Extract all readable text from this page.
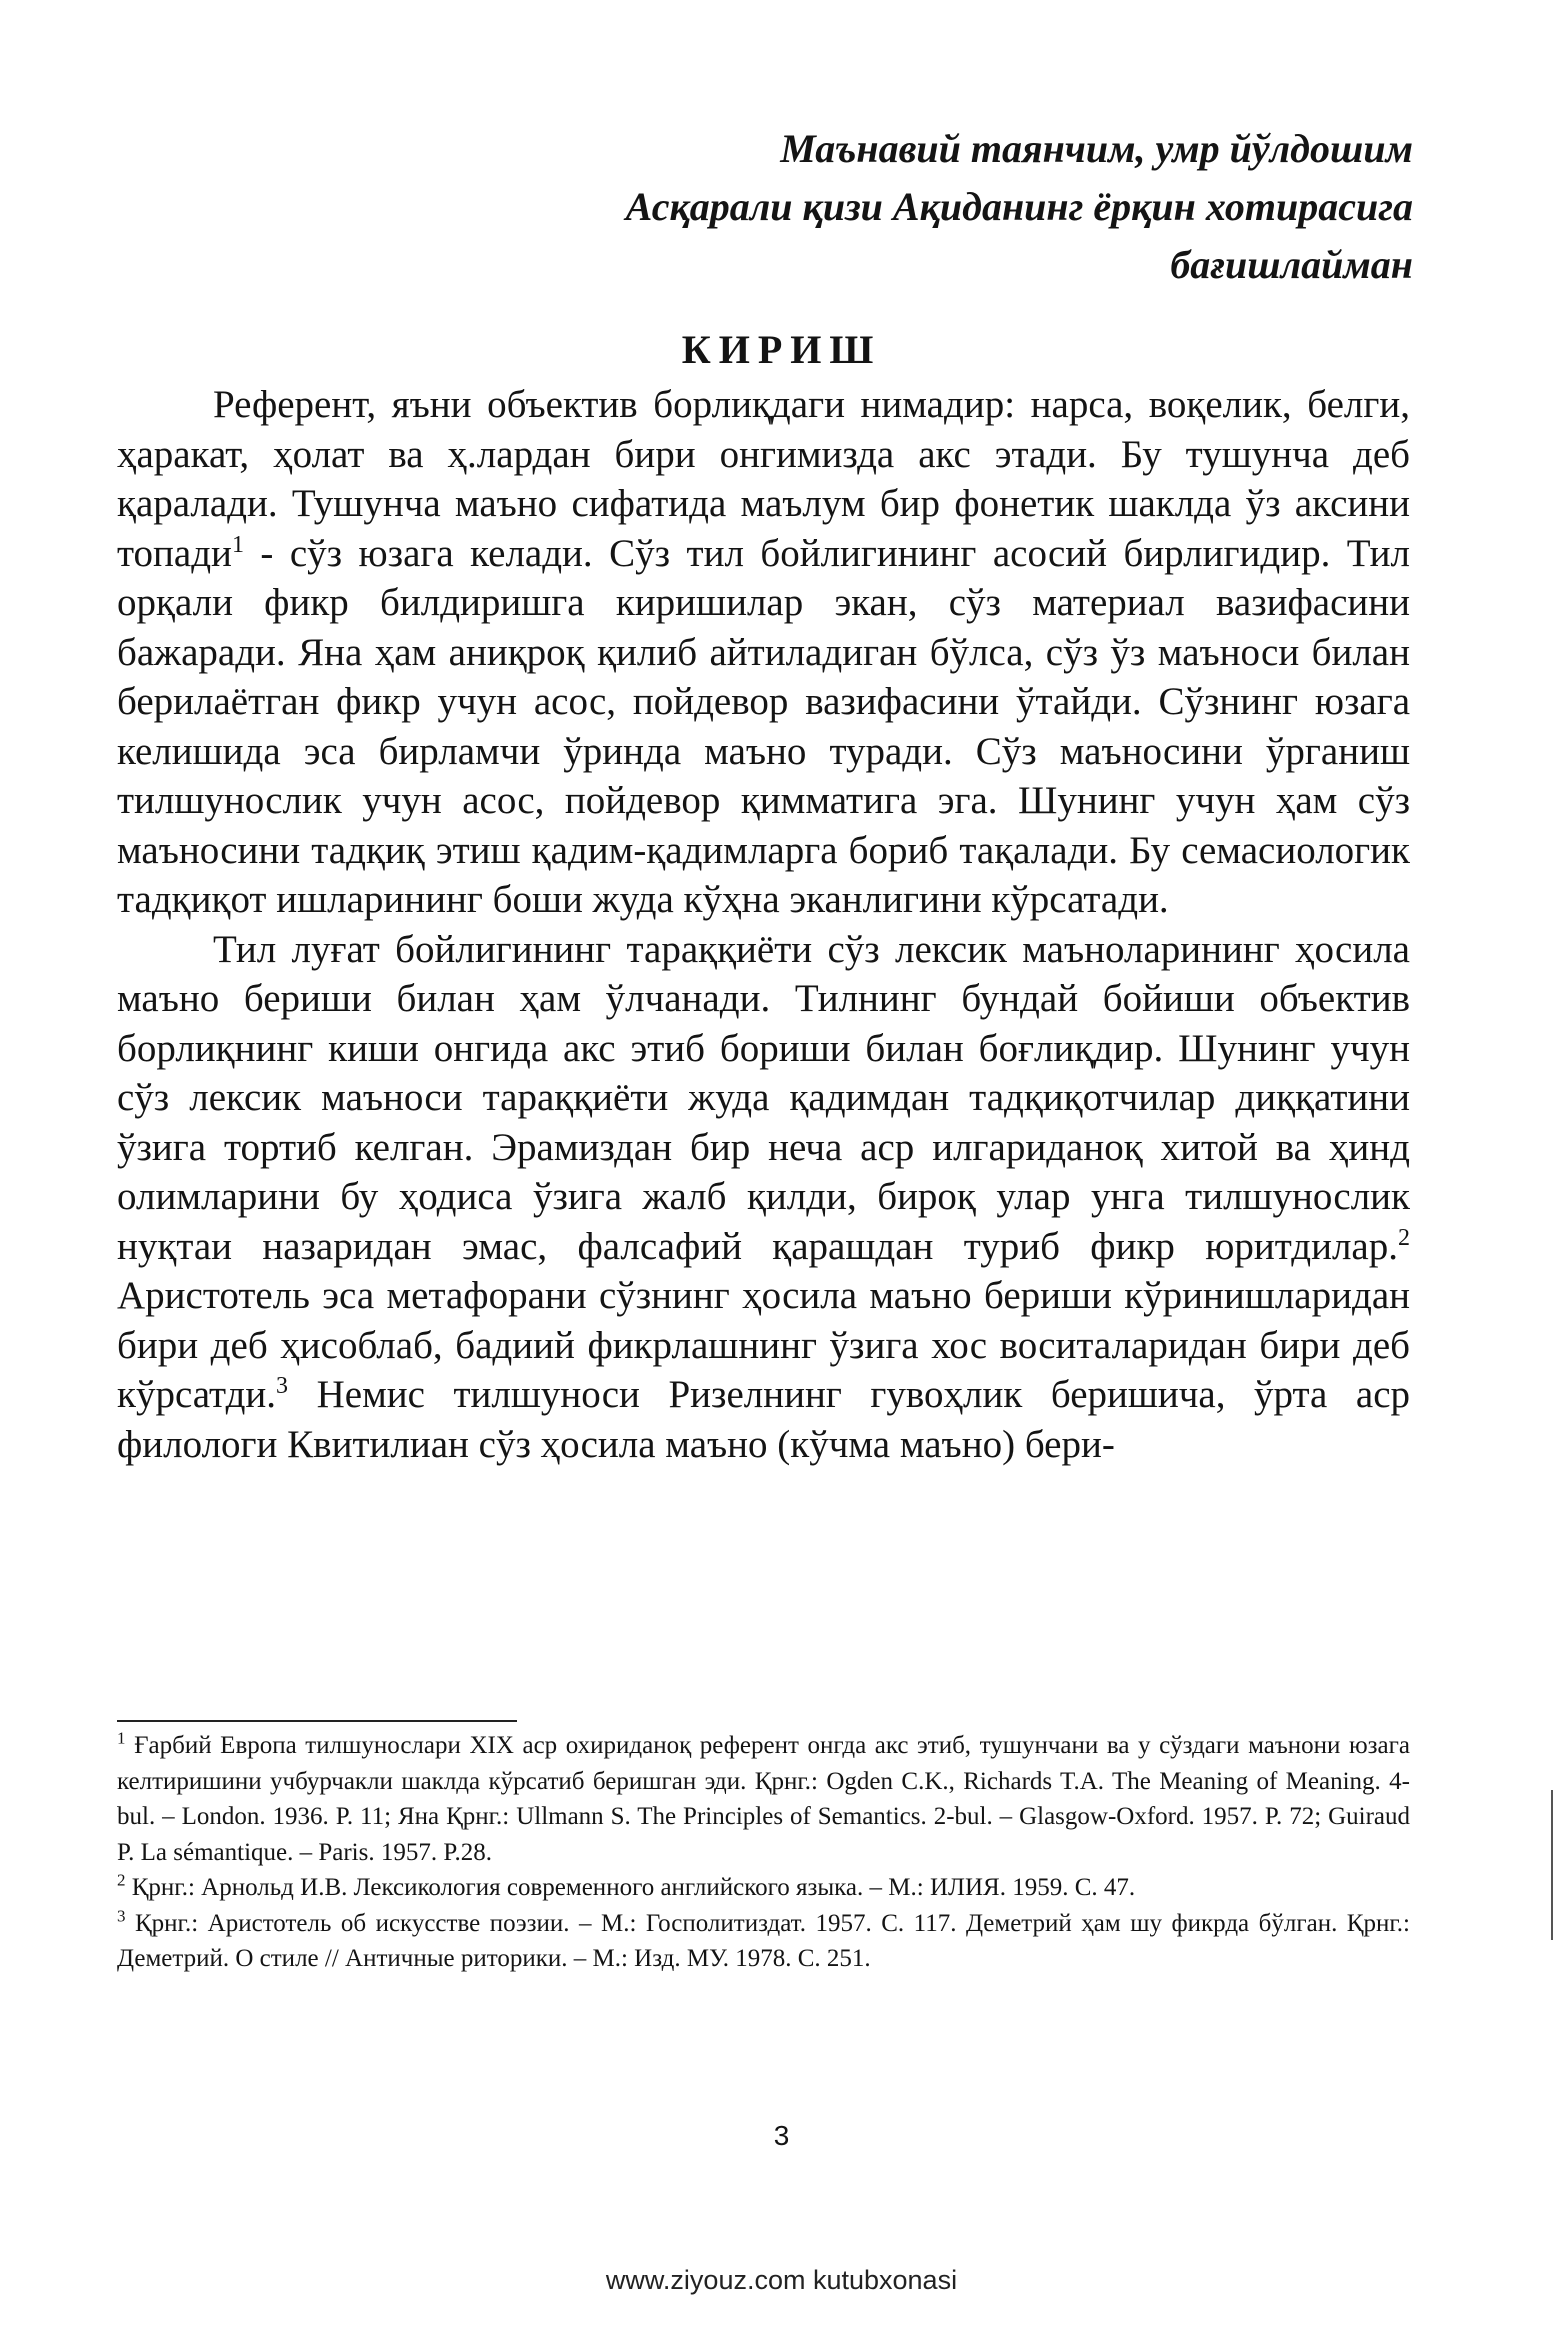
Маънавий таянчим, умр йўлдошим
Асқарали қизи Ақиданинг ёрқин хотирасига
бағишлайман
КИРИШ

Референт, яъни объектив борлиқдаги нимадир: нарса, воқелик, белги, ҳаракат, ҳолат ва ҳ.лардан бири онгимизда акс этади. Бу тушунча деб қаралади. Тушунча маъно сифатида маълум бир фонетик шаклда ўз аксини топади$^1$ - сўз юзага келади. Сўз тил бойлигининг асосий бирлигидир. Тил орқали фикр билдиришга киришилар экан, сўз материал вазифасини бажаради. Яна ҳам аниқроқ қилиб айтиладиган бўлса, сўз ўз маъноси билан берилаётган фикр учун асос, пойдевор вазифасини ўтайди. Сўзнинг юзага келишида эса бирламчи ўринда маъно туради. Сўз маъносини ўрганиш тилшунослик учун асос, пойдевор қимматига эга. Шунинг учун ҳам сўз маъносини тадқиқ этиш қадим-қадимларга бориб тақалади. Бу семасиологик тадқиқот ишларининг боши жуда кўҳна эканлигини кўрсатади.

Тил луғат бойлигининг тараққиёти сўз лексик маъноларининг ҳосила маъно бериши билан ҳам ўлчанади. Тилнинг бундай бойиши объектив борлиқнинг киши онгида акс этиб бориши билан боғлиқдир. Шунинг учун сўз лексик маъноси тараққиёти жуда қадимдан тадқиқотчилар диққатини ўзига тортиб келган. Эрамиздан бир неча аср илгариданоқ хитой ва ҳинд олимларини бу ҳодиса ўзига жалб қилди, бироқ улар унга тилшунослик нуқтаи назаридан эмас, фалсафий қарашдан туриб фикр юритдилар.$^2$ Аристотель эса метафорани сўзнинг ҳосила маъно бериши кўринишларидан бири деб ҳисоблаб, бадиий фикрлашнинг ўзига хос воситаларидан бири деб кўрсатди.$^3$ Немис тилшуноси Ризелнинг гувоҳлик беришича, ўрта аср филологи Квитилиан сўз ҳосила маъно (кўчма маъно) бери-

$^1$ Ғарбий Европа тилшунослари XIX аср охириданоқ референт онгда акс этиб, тушунчани ва у сўздаги маънони юзага келтиришини учбурчакли шаклда кўрсатиб беришган эди. Қрнг.: Ogden C.K., Richards T.A. The Meaning of Meaning. 4-bul. – London. 1936. P. 11; Яна Қрнг.: Ullmann S. The Principles of Semantics. 2-bul. – Glasgow-Oxford. 1957. P. 72; Guiraud P. La sémantique. – Paris. 1957. P.28.

$^2$ Қрнг.: Арнольд И.В. Лексикология современного английского языка. – М.: ИЛИЯ. 1959. С. 47.

$^3$ Қрнг.: Аристотель об искусстве поэзии. – М.: Госполитиздат. 1957. С. 117. Деметрий ҳам шу фикрда бўлган. Қрнг.: Деметрий. О стиле // Античные риторики. – М.: Изд. МУ. 1978. С. 251.

3
www.ziyouz.com kutubxonasi
